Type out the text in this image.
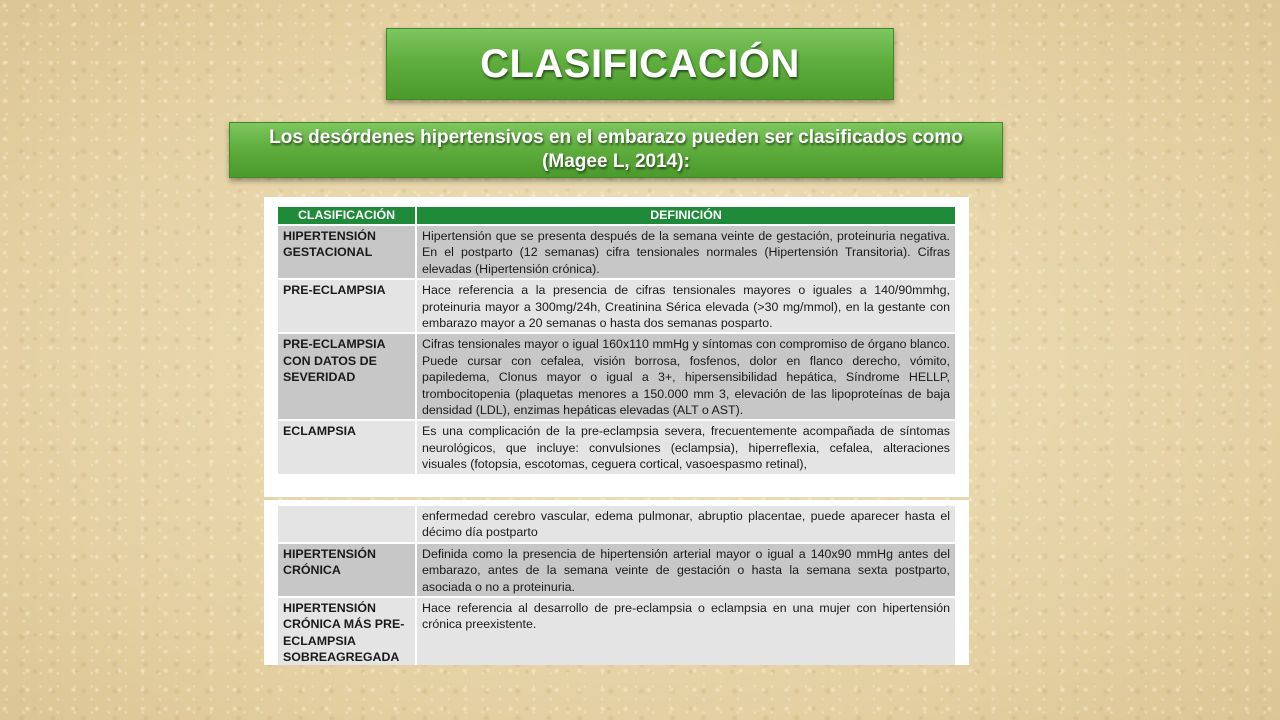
CLASIFICACIÓN
Los desórdenes hipertensivos en el embarazo pueden ser clasificados como (Magee L, 2014):
CLASIFICACIÓN	DEFINICIÓN
HIPERTENSIÓN GESTACIONAL	Hipertensión que se presenta después de la semana veinte de gestación, proteinuria negativa. En el postparto (12 semanas) cifra tensionales normales (Hipertensión Transitoria). Cifras elevadas (Hipertensión crónica).
PRE-ECLAMPSIA	Hace referencia a la presencia de cifras tensionales mayores o iguales a 140/90mmhg, proteinuria mayor a 300mg/24h, Creatinina Sérica elevada (>30 mg/mmol), en la gestante con embarazo mayor a 20 semanas o hasta dos semanas posparto.
PRE-ECLAMPSIA CON DATOS DE SEVERIDAD	Cifras tensionales mayor o igual 160x110 mmHg y síntomas con compromiso de órgano blanco. Puede cursar con cefalea, visión borrosa, fosfenos, dolor en flanco derecho, vómito, papiledema, Clonus mayor o igual a 3+, hipersensibilidad hepática, Síndrome HELLP, trombocitopenia (plaquetas menores a 150.000 mm 3, elevación de las lipoproteínas de baja densidad (LDL), enzimas hepáticas elevadas (ALT o AST).
ECLAMPSIA	Es una complicación de la pre-eclampsia severa, frecuentemente acompañada de síntomas neurológicos, que incluye: convulsiones (eclampsia), hiperreflexia, cefalea, alteraciones visuales (fotopsia, escotomas, ceguera cortical, vasoespasmo retinal),
	enfermedad cerebro vascular, edema pulmonar, abruptio placentae, puede aparecer hasta el décimo día postparto
HIPERTENSIÓN CRÓNICA	Definida como la presencia de hipertensión arterial mayor o igual a 140x90 mmHg antes del embarazo, antes de la semana veinte de gestación o hasta la semana sexta postparto, asociada o no a proteinuria.
HIPERTENSIÓN CRÓNICA MÁS PRE-ECLAMPSIA SOBREAGREGADA	Hace referencia al desarrollo de pre-eclampsia o eclampsia en una mujer con hipertensión crónica preexistente.
